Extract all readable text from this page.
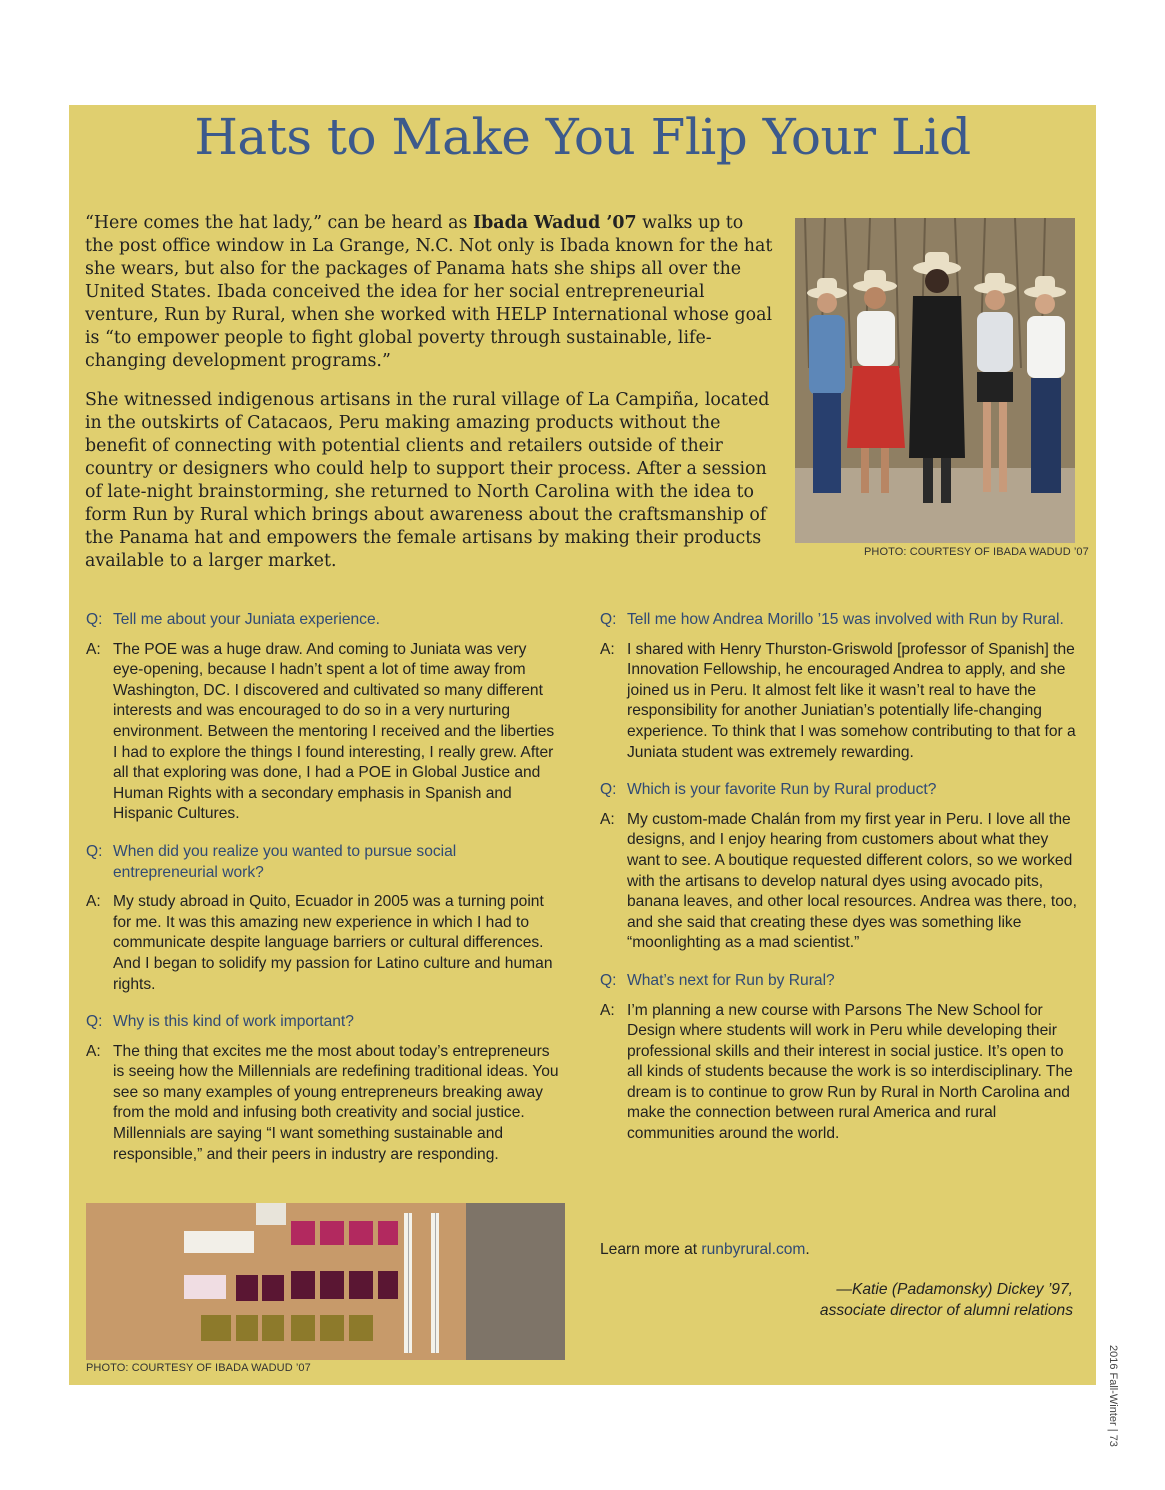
Hats to Make You Flip Your Lid

“Here comes the hat lady,” can be heard as Ibada Wadud ’07 walks up to the post office window in La Grange, N.C. Not only is Ibada known for the hat she wears, but also for the packages of Panama hats she ships all over the United States. Ibada conceived the idea for her social entrepreneurial venture, Run by Rural, when she worked with HELP International whose goal is “to empower people to fight global poverty through sustainable, life-changing development programs.”

She witnessed indigenous artisans in the rural village of La Campiña, located in the outskirts of Catacaos, Peru making amazing products without the benefit of connecting with potential clients and retailers outside of their country or designers who could help to support their process. After a session of late-night brainstorming, she returned to North Carolina with the idea to form Run by Rural which brings about awareness about the craftsmanship of the Panama hat and empowers the female artisans by making their products available to a larger market.	PHOTO: COURTESY OF IBADA WADUD ’07
Q: Tell me about your Juniata experience.
A: The POE was a huge draw. And coming to Juniata was very eye-opening, because I hadn’t spent a lot of time away from Washington, DC. I discovered and cultivated so many different interests and was encouraged to do so in a very nurturing environment. Between the mentoring I received and the liberties I had to explore the things I found interesting, I really grew. After all that exploring was done, I had a POE in Global Justice and Human Rights with a secondary emphasis in Spanish and Hispanic Cultures.
Q: When did you realize you wanted to pursue social entrepreneurial work?
A: My study abroad in Quito, Ecuador in 2005 was a turning point for me. It was this amazing new experience in which I had to communicate despite language barriers or cultural differences. And I began to solidify my passion for Latino culture and human rights.
Q: Why is this kind of work important?
A: The thing that excites me the most about today’s entrepreneurs is seeing how the Millennials are redefining traditional ideas. You see so many examples of young entrepreneurs breaking away from the mold and infusing both creativity and social justice. Millennials are saying “I want something sustainable and responsible,” and their peers in industry are responding.
Q: Tell me how Andrea Morillo ’15 was involved with Run by Rural.
A: I shared with Henry Thurston-Griswold [professor of Spanish] the Innovation Fellowship, he encouraged Andrea to apply, and she joined us in Peru. It almost felt like it wasn’t real to have the responsibility for another Juniatian’s potentially life-changing experience. To think that I was somehow contributing to that for a Juniata student was extremely rewarding.
Q: Which is your favorite Run by Rural product?
A: My custom-made Chalán from my first year in Peru. I love all the designs, and I enjoy hearing from customers about what they want to see. A boutique requested different colors, so we worked with the artisans to develop natural dyes using avocado pits, banana leaves, and other local resources. Andrea was there, too, and she said that creating these dyes was something like “moonlighting as a mad scientist.”
Q: What’s next for Run by Rural?
A: I’m planning a new course with Parsons The New School for Design where students will work in Peru while developing their professional skills and their interest in social justice. It’s open to all kinds of students because the work is so interdisciplinary. The dream is to continue to grow Run by Rural in North Carolina and make the connection between rural America and rural communities around the world.
PHOTO: COURTESY OF IBADA WADUD ’07
Learn more at runbyrural.com.
—Katie (Padamonsky) Dickey ’97,
associate director of alumni relations
2016 Fall-Winter | 73
